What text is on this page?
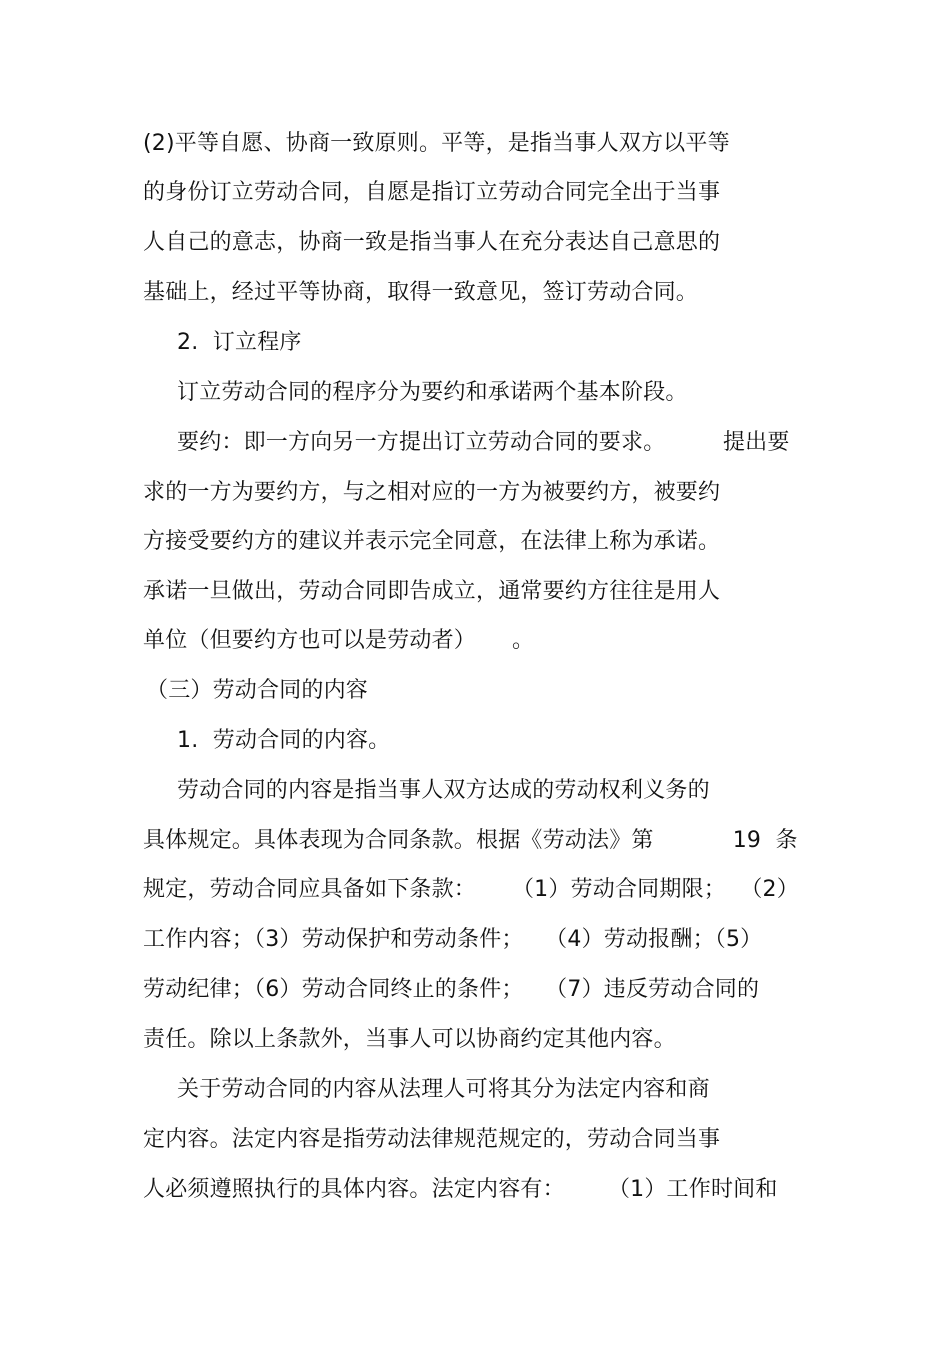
(2)平等自愿、协商一致原则。平等，是指当事人双方以平等
的身份订立劳动合同，自愿是指订立劳动合同完全出于当事
人自己的意志，协商一致是指当事人在充分表达自己意思的
基础上，经过平等协商，取得一致意见，签订劳动合同。
2.  订立程序
订立劳动合同的程序分为要约和承诺两个基本阶段。
要约：即一方向另一方提出订立劳动合同的要求。        提出要
求的一方为要约方，与之相对应的一方为被要约方，被要约
方接受要约方的建议并表示完全同意，在法律上称为承诺。
承诺一旦做出，劳动合同即告成立，通常要约方往往是用人
单位（但要约方也可以是劳动者）     。
（三）劳动合同的内容
1.  劳动合同的内容。
劳动合同的内容是指当事人双方达成的劳动权利义务的
具体规定。具体表现为合同条款。根据《劳动法》第           19  条
规定，劳动合同应具备如下条款：     （1）劳动合同期限；  （2）
工作内容；（3）劳动保护和劳动条件；   （4）劳动报酬；（5）
劳动纪律；（6）劳动合同终止的条件；   （7）违反劳动合同的
责任。除以上条款外，当事人可以协商约定其他内容。
关于劳动合同的内容从法理人可将其分为法定内容和商
定内容。法定内容是指劳动法律规范规定的，劳动合同当事
人必须遵照执行的具体内容。法定内容有：      （1）工作时间和
